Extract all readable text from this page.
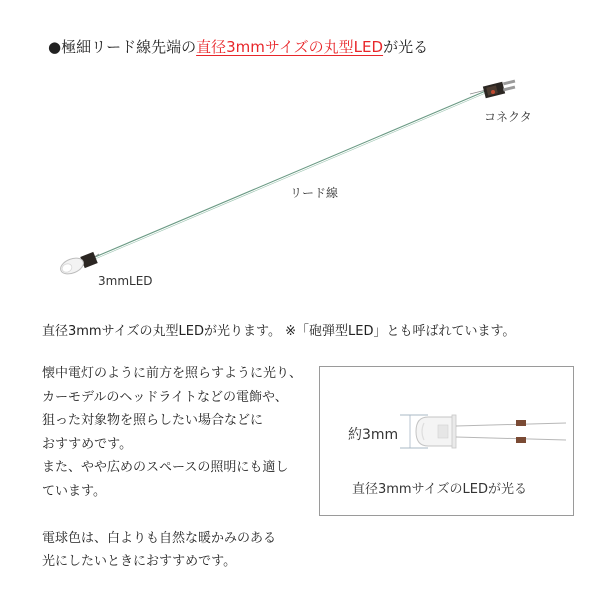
●極細リード線先端の直径3mmサイズの丸型LEDが光る
コネクタ
リード線
3mmLED
直径3mmサイズの丸型LEDが光ります。 ※「砲弾型LED」とも呼ばれています。
懐中電灯のように前方を照らすように光り、
カーモデルのヘッドライトなどの電飾や、
狙った対象物を照らしたい場合などに
おすすめです。
また、やや広めのスペースの照明にも適し
ています。
電球色は、白よりも自然な暖かみのある
光にしたいときにおすすめです。
約3mm
直径3mmサイズのLEDが光る
